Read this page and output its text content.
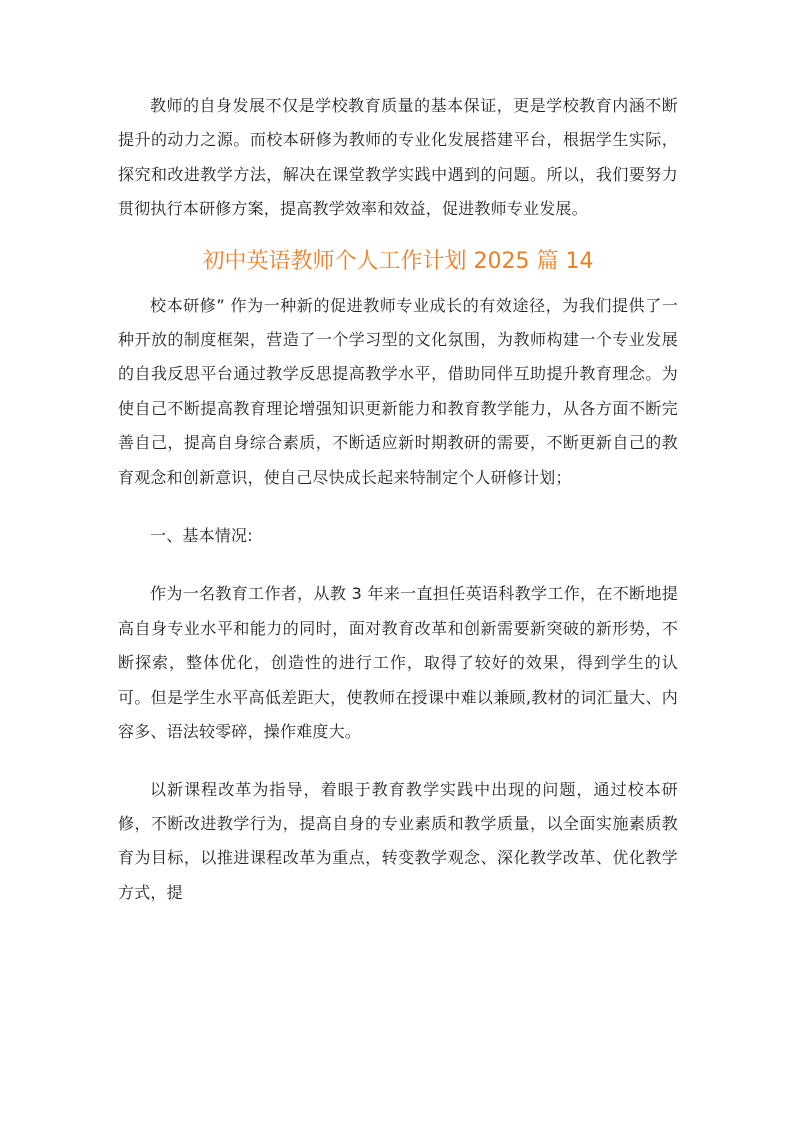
教师的自身发展不仅是学校教育质量的基本保证，更是学校教育内涵不断提升的动力之源。而校本研修为教师的专业化发展搭建平台，根据学生实际，探究和改进教学方法，解决在课堂教学实践中遇到的问题。所以，我们要努力贯彻执行本研修方案，提高教学效率和效益，促进教师专业发展。

初中英语教师个人工作计划 2025 篇 14

校本研修” 作为一种新的促进教师专业成长的有效途径，为我们提供了一种开放的制度框架，营造了一个学习型的文化氛围，为教师构建一个专业发展的自我反思平台通过教学反思提高教学水平，借助同伴互助提升教育理念。为使自己不断提高教育理论增强知识更新能力和教育教学能力，从各方面不断完善自己，提高自身综合素质，不断适应新时期教研的需要，不断更新自己的教育观念和创新意识，使自己尽快成长起来特制定个人研修计划；

一、基本情况:

作为一名教育工作者，从教 3 年来一直担任英语科教学工作，在不断地提高自身专业水平和能力的同时，面对教育改革和创新需要新突破的新形势，不断探索，整体优化，创造性的进行工作，取得了较好的效果，得到学生的认可。但是学生水平高低差距大，使教师在授课中难以兼顾,教材的词汇量大、内容多、语法较零碎，操作难度大。

以新课程改革为指导，着眼于教育教学实践中出现的问题，通过校本研修，不断改进教学行为，提高自身的专业素质和教学质量，以全面实施素质教育为目标，以推进课程改革为重点，转变教学观念、深化教学改革、优化教学方式，提
